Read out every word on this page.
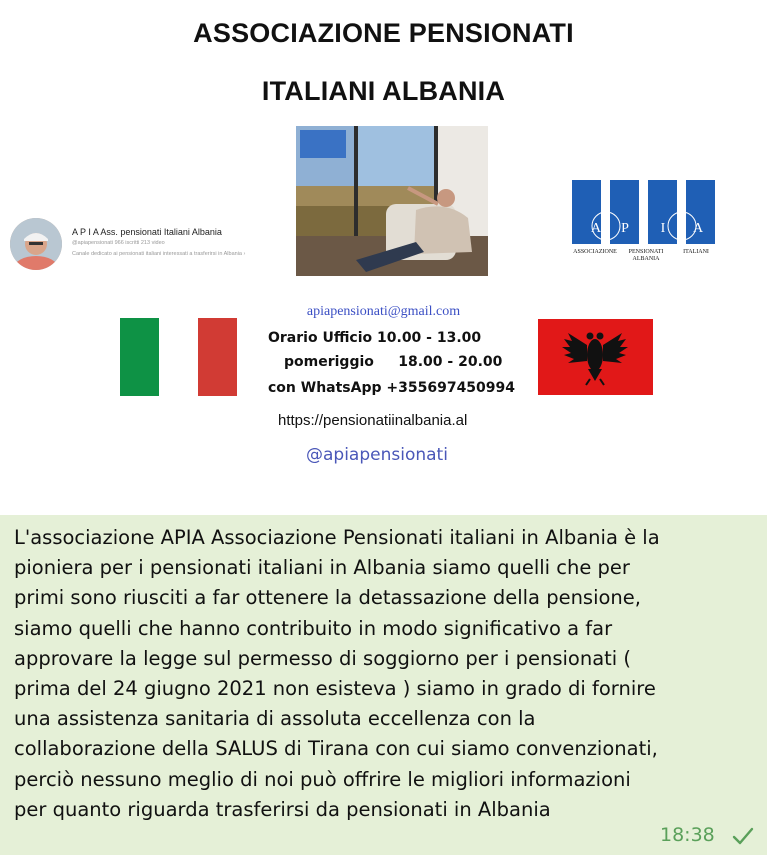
ASSOCIAZIONE PENSIONATI
ITALIANI ALBANIA
A P I A Ass. pensionati Italiani Albania
@apiapensionati 966 iscritti 213 video
Canale dedicato ai pensionati italiani interessati a trasferirsi in Albania ›
A P I A
ASSOCIAZIONE	PENSIONATI
ALBANIA
ITALIANI
apiapensionati@gmail.com
Orario Ufficio 10.00 - 13.00
pomeriggio     18.00 - 20.00
con WhatsApp +355697450994
https://pensionatiinalbania.al
@apiapensionati
L'associazione APIA Associazione Pensionati italiani in Albania è la
pioniera per i pensionati italiani in Albania siamo quelli che per
primi sono riusciti a far ottenere la detassazione della pensione,
siamo quelli che hanno contribuito in modo significativo a far
approvare la legge sul permesso di soggiorno per i pensionati (
prima del 24 giugno 2021 non esisteva ) siamo in grado di fornire
una assistenza sanitaria di assoluta eccellenza con la
collaborazione della SALUS di Tirana con cui siamo convenzionati,
perciò nessuno meglio di noi può offrire le migliori informazioni
per quanto riguarda trasferirsi da pensionati in Albania
18:38
